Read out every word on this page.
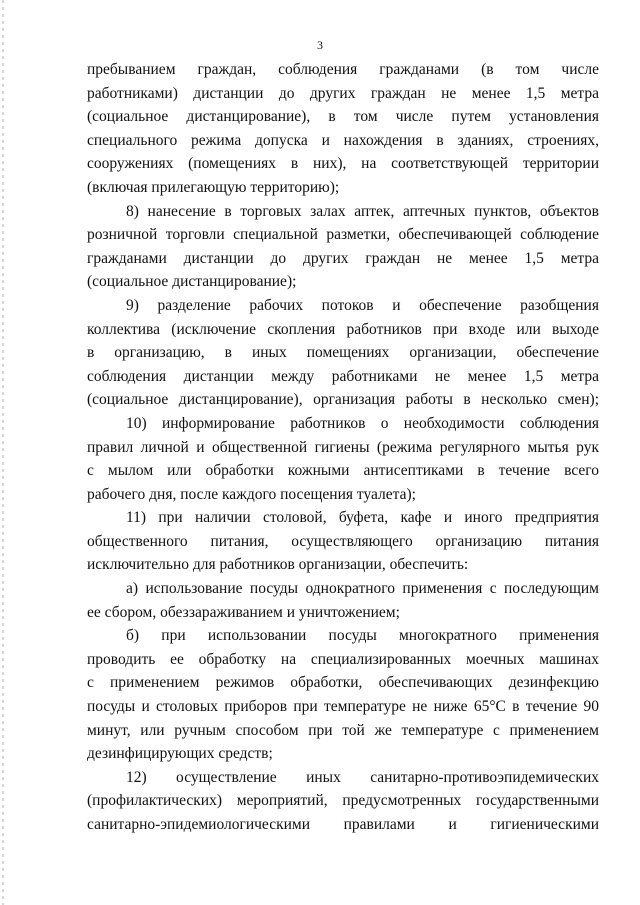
3
пребыванием граждан, соблюдения гражданами (в том числе
работниками) дистанции до других граждан не менее 1,5 метра
(социальное дистанцирование), в том числе путем установления
специального режима допуска и нахождения в зданиях, строениях,
сооружениях (помещениях в них), на соответствующей территории
(включая прилегающую территорию);
8) нанесение в торговых залах аптек, аптечных пунктов, объектов
розничной торговли специальной разметки, обеспечивающей соблюдение
гражданами дистанции до других граждан не менее 1,5 метра
(социальное дистанцирование);
9) разделение рабочих потоков и обеспечение разобщения
коллектива (исключение скопления работников при входе или выходе
в организацию, в иных помещениях организации, обеспечение
соблюдения дистанции между работниками не менее 1,5 метра
(социальное дистанцирование), организация работы в несколько смен);
10) информирование работников о необходимости соблюдения
правил личной и общественной гигиены (режима регулярного мытья рук
с мылом или обработки кожными антисептиками в течение всего
рабочего дня, после каждого посещения туалета);
11) при наличии столовой, буфета, кафе и иного предприятия
общественного питания, осуществляющего организацию питания
исключительно для работников организации, обеспечить:
а) использование посуды однократного применения с последующим
ее сбором, обеззараживанием и уничтожением;
б) при использовании посуды многократного применения
проводить ее обработку на специализированных моечных машинах
с применением режимов обработки, обеспечивающих дезинфекцию
посуды и столовых приборов при температуре не ниже 65°С в течение 90
минут, или ручным способом при той же температуре с применением
дезинфицирующих средств;
12) осуществление иных санитарно-противоэпидемических
(профилактических) мероприятий, предусмотренных государственными
санитарно-эпидемиологическими правилами и гигиеническими
